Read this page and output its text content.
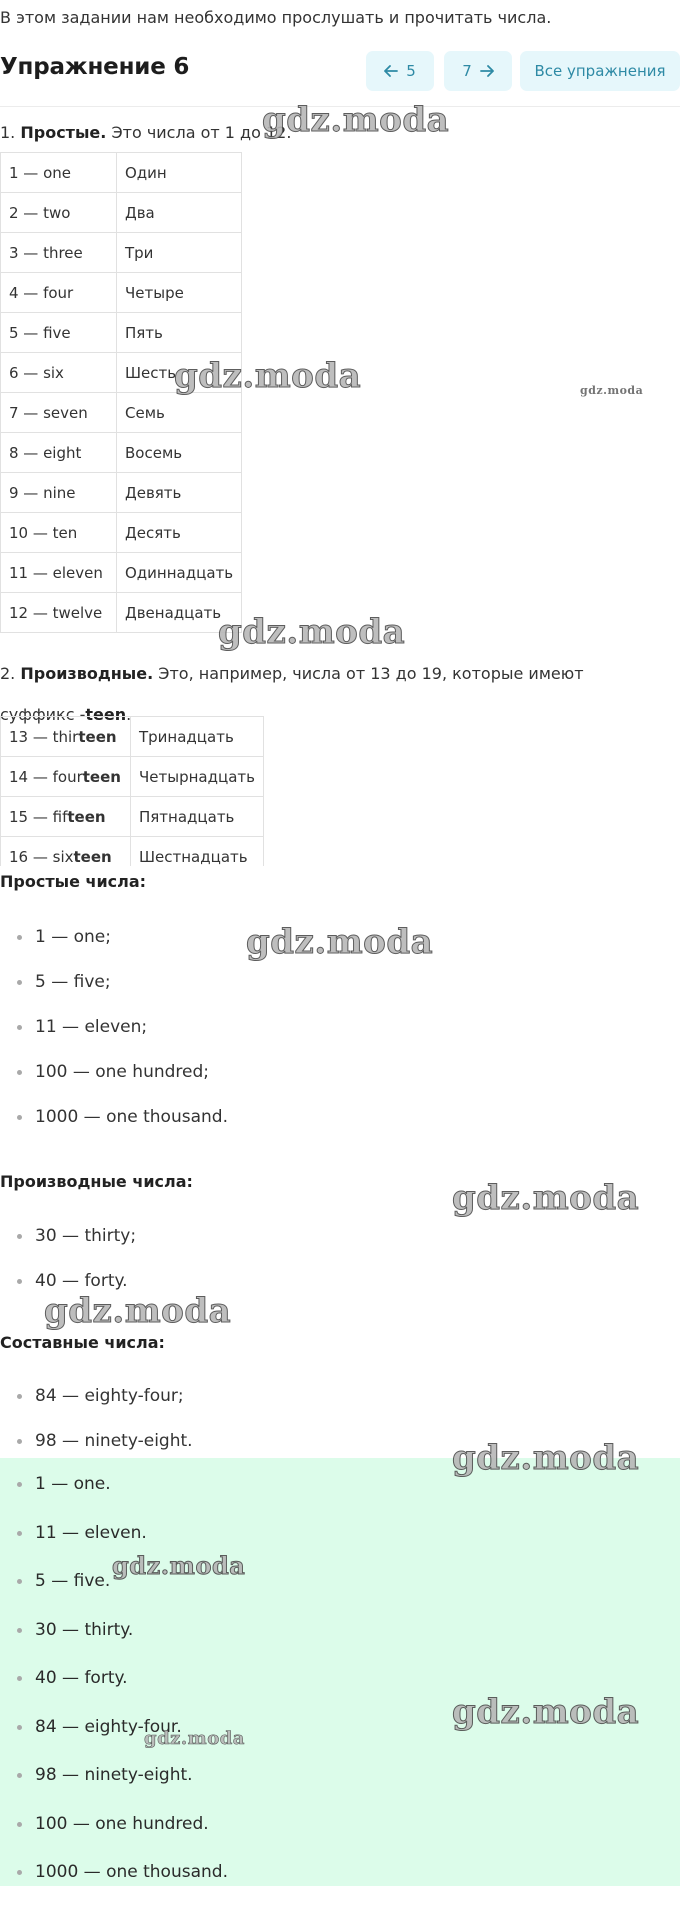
В этом задании нам необходимо прослушать и прочитать числа.
Упражнение 6	5	7	Все упражнения
1. Простые. Это числа от 1 до 12.
1 — one	Один
2 — two	Два
3 — three	Три
4 — four	Четыре
5 — five	Пять
6 — six	Шесть
7 — seven	Семь
8 — eight	Восемь
9 — nine	Девять
10 — ten	Десять
11 — eleven	Одиннадцать
12 — twelve	Двенадцать
2. Производные. Это, например, числа от 13 до 19, которые имеют суффикс -teen.
13 — thirteen	Тринадцать
14 — fourteen	Четырнадцать
15 — fifteen	Пятнадцать
16 — sixteen	Шестнадцать
Простые числа:
1 — one;
5 — five;
11 — eleven;
100 — one hundred;
1000 — one thousand.
Производные числа:
30 — thirty;
40 — forty.
Составные числа:
84 — eighty-four;
98 — ninety-eight.
1 — one.
11 — eleven.
5 — five.
30 — thirty.
40 — forty.
84 — eighty-four.
98 — ninety-eight.
100 — one hundred.
1000 — one thousand.
gdz.moda
gdz.moda	gdz.moda
gdz.moda
gdz.moda
gdz.moda
gdz.moda
gdz.moda
gdz.moda
gdz.moda
gdz.moda
